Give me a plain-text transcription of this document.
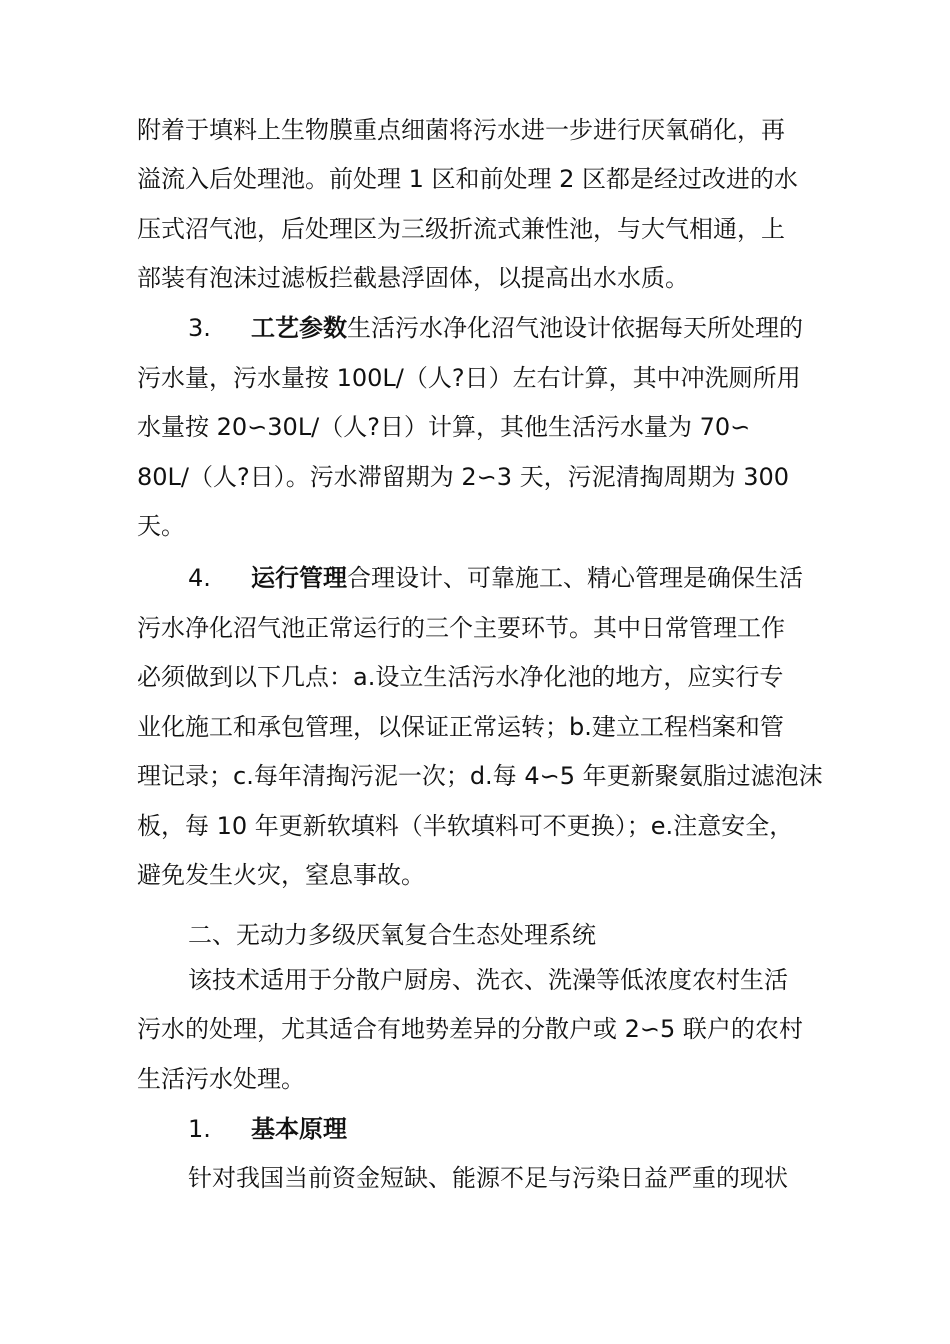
附着于填料上生物膜重点细菌将污水进一步进行厌氧硝化，再
溢流入后处理池。前处理 1 区和前处理 2 区都是经过改进的水
压式沼气池，后处理区为三级折流式兼性池，与大气相通，上
部装有泡沫过滤板拦截悬浮固体，以提高出水水质。
3. 工艺参数生活污水净化沼气池设计依据每天所处理的
污水量，污水量按 100L/（人?日）左右计算，其中冲洗厕所用
水量按 20∽30L/（人?日）计算，其他生活污水量为 70∽
80L/（人?日）。污水滞留期为 2∽3 天，污泥清掏周期为 300
天。
4. 运行管理合理设计、可靠施工、精心管理是确保生活
污水净化沼气池正常运行的三个主要环节。其中日常管理工作
必须做到以下几点：a.设立生活污水净化池的地方，应实行专
业化施工和承包管理，以保证正常运转；b.建立工程档案和管
理记录；c.每年清掏污泥一次；d.每 4∽5 年更新聚氨脂过滤泡沫
板，每 10 年更新软填料（半软填料可不更换）；e.注意安全，
避免发生火灾，窒息事故。
二、无动力多级厌氧复合生态处理系统
该技术适用于分散户厨房、洗衣、洗澡等低浓度农村生活
污水的处理，尤其适合有地势差异的分散户或 2∽5 联户的农村
生活污水处理。
1. 基本原理
针对我国当前资金短缺、能源不足与污染日益严重的现状
